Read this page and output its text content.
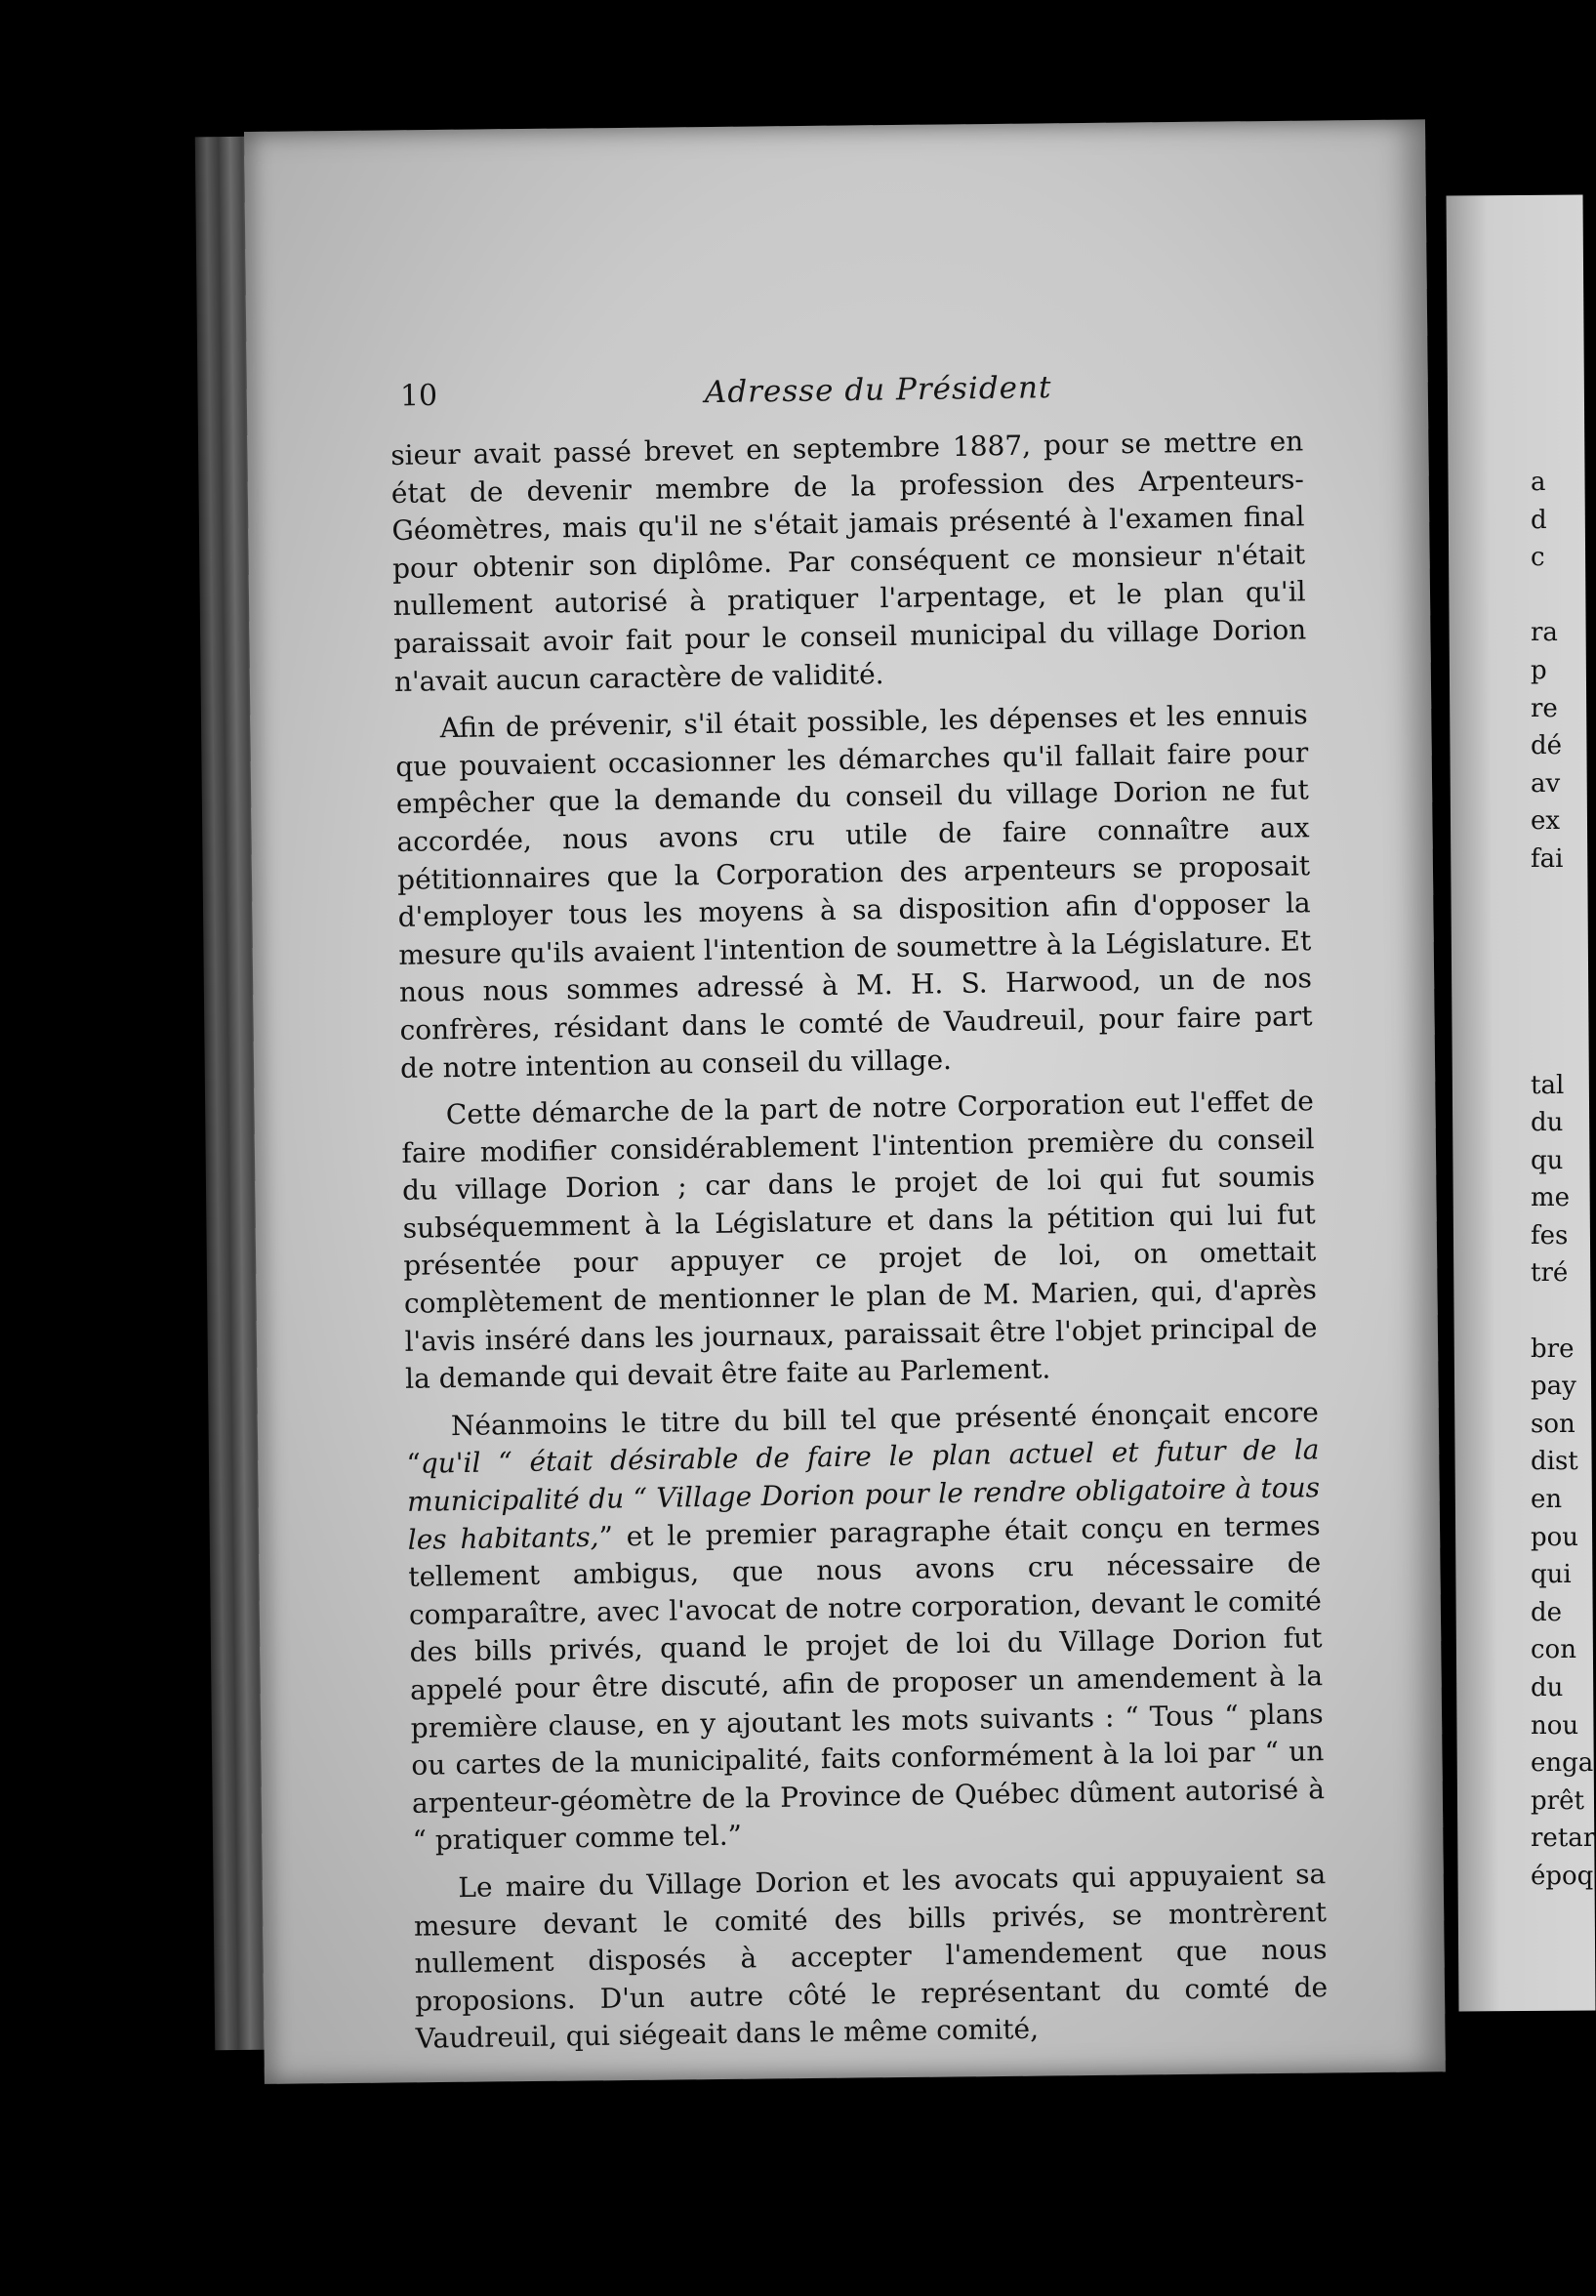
10	Adresse du Président

sieur avait passé brevet en septembre 1887, pour se mettre en état de devenir membre de la profession des Arpenteurs-Géomètres, mais qu'il ne s'était jamais présenté à l'examen final pour obtenir son diplôme. Par conséquent ce monsieur n'était nullement autorisé à pratiquer l'arpentage, et le plan qu'il paraissait avoir fait pour le conseil municipal du village Dorion n'avait aucun caractère de validité.

Afin de prévenir, s'il était possible, les dépenses et les ennuis que pouvaient occasionner les démarches qu'il fallait faire pour empêcher que la demande du conseil du village Dorion ne fut accordée, nous avons cru utile de faire connaître aux pétitionnaires que la Corporation des arpenteurs se proposait d'employer tous les moyens à sa disposition afin d'opposer la mesure qu'ils avaient l'intention de soumettre à la Législature. Et nous nous sommes adressé à M. H. S. Harwood, un de nos confrères, résidant dans le comté de Vaudreuil, pour faire part de notre intention au conseil du village.

Cette démarche de la part de notre Corporation eut l'effet de faire modifier considérablement l'intention première du conseil du village Dorion ; car dans le projet de loi qui fut soumis subséquemment à la Législature et dans la pétition qui lui fut présentée pour appuyer ce projet de loi, on omettait complètement de mentionner le plan de M. Marien, qui, d'après l'avis inséré dans les journaux, paraissait être l'objet principal de la demande qui devait être faite au Parlement.

Néanmoins le titre du bill tel que présenté énonçait encore “qu'il “ était désirable de faire le plan actuel et futur de la municipalité du “ Village Dorion pour le rendre obligatoire à tous les habitants,” et le premier paragraphe était conçu en termes tellement ambigus, que nous avons cru nécessaire de comparaître, avec l'avocat de notre corporation, devant le comité des bills privés, quand le projet de loi du Village Dorion fut appelé pour être discuté, afin de proposer un amendement à la première clause, en y ajoutant les mots suivants : “ Tous “ plans ou cartes de la municipalité, faits conformément à la loi par “ un arpenteur-géomètre de la Province de Québec dûment autorisé à “ pratiquer comme tel.”

Le maire du Village Dorion et les avocats qui appuyaient sa mesure devant le comité des bills privés, se montrèrent nullement disposés à accepter l'amendement que nous proposions. D'un autre côté le représentant du comté de Vaudreuil, qui siégeait dans le même comité,

a
d
c
ra
p
re
dé
av
ex
fai
tal
du
qu
me
fes
tré
bre
pay
son
dist
en
pou
qui
de
con
du
nou
enga
prêt
retar
époq
